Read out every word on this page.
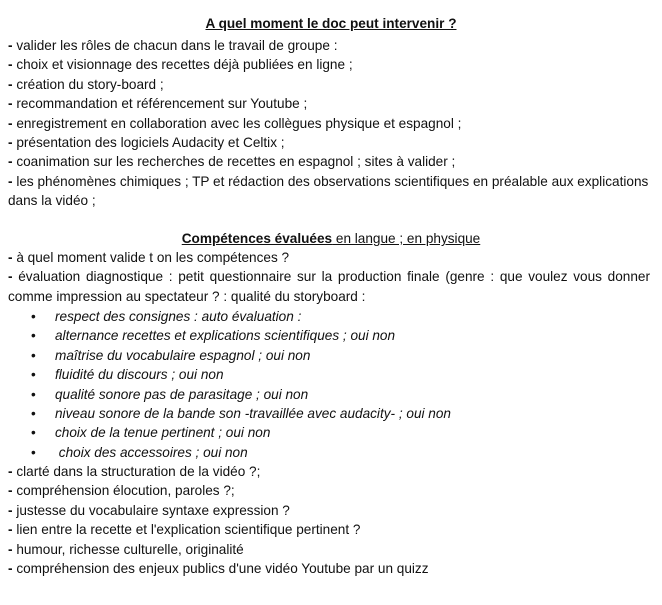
A quel moment le doc peut intervenir ?
- valider les rôles de chacun dans le travail de groupe :
- choix et visionnage des recettes déjà publiées en ligne ;
- création du story-board ;
- recommandation et référencement sur Youtube ;
- enregistrement en collaboration avec les collègues physique et espagnol ;
- présentation des logiciels Audacity et Celtix ;
- coanimation sur les recherches de recettes en espagnol ; sites à valider ;
- les phénomènes chimiques ; TP et rédaction des observations scientifiques en préalable aux explications dans la vidéo ;
Compétences évaluées en langue ; en physique
- à quel moment valide t on les compétences ?
- évaluation diagnostique : petit questionnaire sur la production finale (genre : que voulez vous donner comme impression au spectateur ? : qualité du storyboard :
• respect des consignes : auto évaluation :
• alternance recettes et explications scientifiques ; oui non
• maîtrise du vocabulaire espagnol ; oui non
• fluidité du discours ; oui non
• qualité sonore pas de parasitage ; oui non
• niveau sonore de la bande son -travaillée avec audacity- ; oui non
• choix de la tenue pertinent ; oui non
• choix des accessoires ; oui non
- clarté dans la structuration de la vidéo ?;
- compréhension élocution, paroles ?;
- justesse du vocabulaire syntaxe expression ?
- lien entre la recette et l'explication scientifique pertinent ?
- humour, richesse culturelle, originalité
- compréhension des enjeux publics d'une vidéo Youtube par un quizz
